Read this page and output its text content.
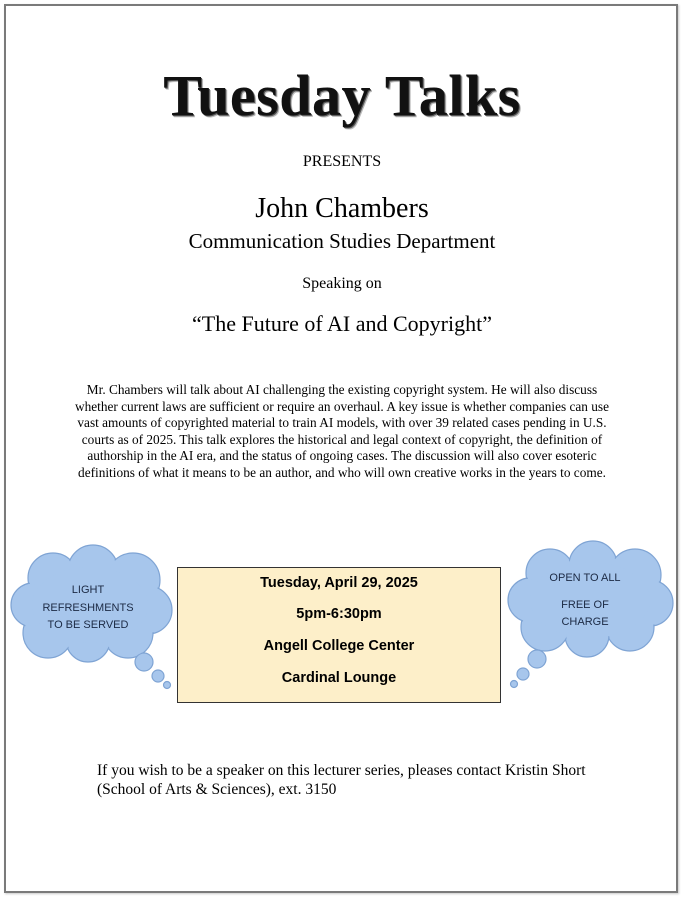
Tuesday Talks
PRESENTS
John Chambers
Communication Studies Department
Speaking on
“The Future of AI and Copyright”
Mr. Chambers will talk about AI challenging the existing copyright system. He will also discuss
whether current laws are sufficient or require an overhaul. A key issue is whether companies can use
vast amounts of copyrighted material to train AI models, with over 39 related cases pending in U.S.
courts as of 2025. This talk explores the historical and legal context of copyright, the definition of
authorship in the AI era, and the status of ongoing cases. The discussion will also cover esoteric
definitions of what it means to be an author, and who will own creative works in the years to come.
LIGHT
REFRESHMENTS
TO BE SERVED
Tuesday, April 29, 2025
5pm-6:30pm
Angell College Center
Cardinal Lounge
OPEN TO ALL
FREE OF
CHARGE
If you wish to be a speaker on this lecturer series, pleases contact Kristin Short
(School of Arts & Sciences), ext. 3150
